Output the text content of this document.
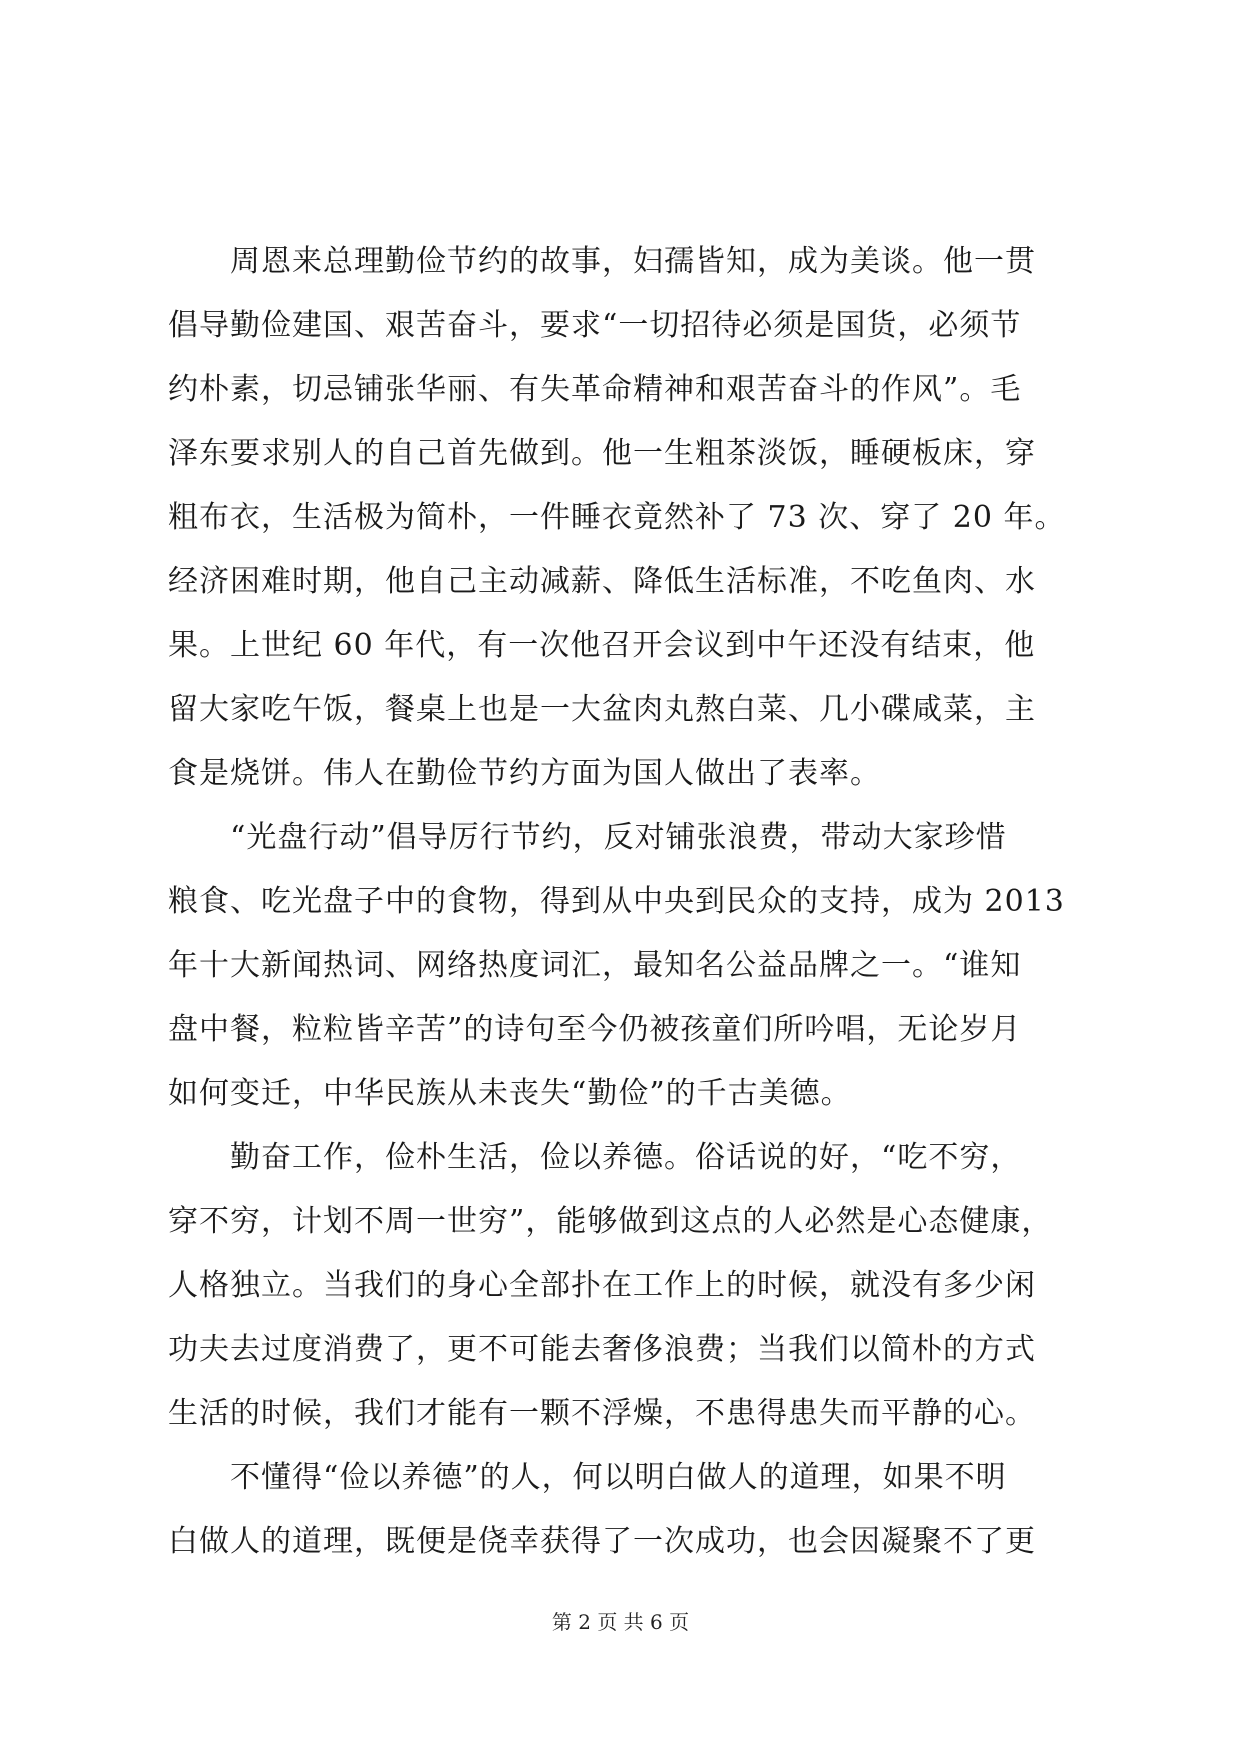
周恩来总理勤俭节约的故事，妇孺皆知，成为美谈。他一贯
倡导勤俭建国、艰苦奋斗，要求“一切招待必须是国货，必须节
约朴素，切忌铺张华丽、有失革命精神和艰苦奋斗的作风”。毛
泽东要求别人的自己首先做到。他一生粗茶淡饭，睡硬板床，穿
粗布衣，生活极为简朴，一件睡衣竟然补了 73 次、穿了 20 年。
经济困难时期，他自己主动减薪、降低生活标准，不吃鱼肉、水
果。上世纪 60 年代，有一次他召开会议到中午还没有结束，他
留大家吃午饭，餐桌上也是一大盆肉丸熬白菜、几小碟咸菜，主
食是烧饼。伟人在勤俭节约方面为国人做出了表率。
“光盘行动”倡导厉行节约，反对铺张浪费，带动大家珍惜
粮食、吃光盘子中的食物，得到从中央到民众的支持，成为 2013
年十大新闻热词、网络热度词汇，最知名公益品牌之一。“谁知
盘中餐，粒粒皆辛苦”的诗句至今仍被孩童们所吟唱，无论岁月
如何变迁，中华民族从未丧失“勤俭”的千古美德。
勤奋工作，俭朴生活，俭以养德。俗话说的好，“吃不穷，
穿不穷，计划不周一世穷”，能够做到这点的人必然是心态健康，
人格独立。当我们的身心全部扑在工作上的时候，就没有多少闲
功夫去过度消费了，更不可能去奢侈浪费；当我们以简朴的方式
生活的时候，我们才能有一颗不浮燥，不患得患失而平静的心。
不懂得“俭以养德”的人，何以明白做人的道理，如果不明
白做人的道理，既便是侥幸获得了一次成功，也会因凝聚不了更
第 2 页 共 6 页
